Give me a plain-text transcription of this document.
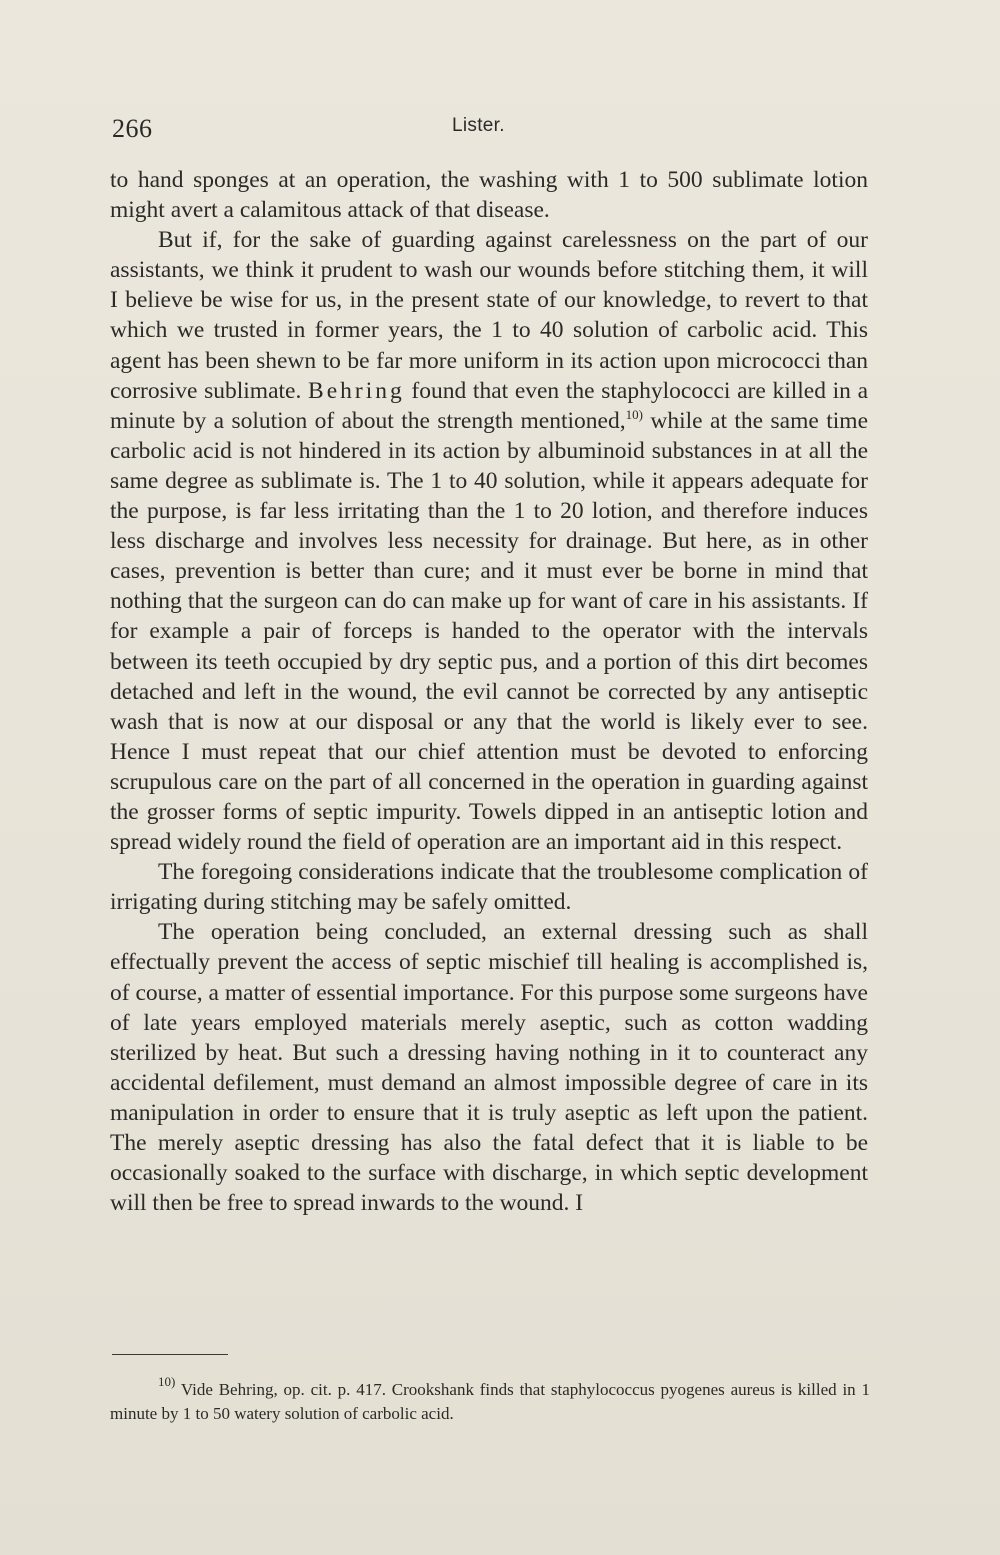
266	Lister.

to hand sponges at an operation, the washing with 1 to 500 sublimate lotion might avert a calamitous attack of that disease.

But if, for the sake of guarding against carelessness on the part of our assistants, we think it prudent to wash our wounds before stitching them, it will I believe be wise for us, in the present state of our knowledge, to revert to that which we trusted in former years, the 1 to 40 solution of carbolic acid. This agent has been shewn to be far more uniform in its action upon micrococci than corrosive sublimate. Behring found that even the staphylococci are killed in a minute by a solution of about the strength mentioned,$^{10)}$ while at the same time carbolic acid is not hindered in its action by albuminoid substances in at all the same degree as sublimate is. The 1 to 40 solution, while it appears adequate for the purpose, is far less irritating than the 1 to 20 lotion, and therefore induces less discharge and involves less necessity for drainage. But here, as in other cases, prevention is better than cure; and it must ever be borne in mind that nothing that the surgeon can do can make up for want of care in his assistants. If for example a pair of forceps is handed to the operator with the intervals between its teeth occupied by dry septic pus, and a portion of this dirt becomes detached and left in the wound, the evil cannot be corrected by any antiseptic wash that is now at our disposal or any that the world is likely ever to see. Hence I must repeat that our chief attention must be devoted to enforcing scrupulous care on the part of all concerned in the operation in guarding against the grosser forms of septic impurity. Towels dipped in an antiseptic lotion and spread widely round the field of operation are an important aid in this respect.

The foregoing considerations indicate that the troublesome complication of irrigating during stitching may be safely omitted.

The operation being concluded, an external dressing such as shall effectually prevent the access of septic mischief till healing is accomplished is, of course, a matter of essential importance. For this purpose some surgeons have of late years employed materials merely aseptic, such as cotton wadding sterilized by heat. But such a dressing having nothing in it to counteract any accidental defilement, must demand an almost impossible degree of care in its manipulation in order to ensure that it is truly aseptic as left upon the patient. The merely aseptic dressing has also the fatal defect that it is liable to be occasionally soaked to the surface with discharge, in which septic development will then be free to spread inwards to the wound. I

$^{10)}$ Vide Behring, op. cit. p. 417. Crookshank finds that staphylococcus pyogenes aureus is killed in 1 minute by 1 to 50 watery solution of carbolic acid.
